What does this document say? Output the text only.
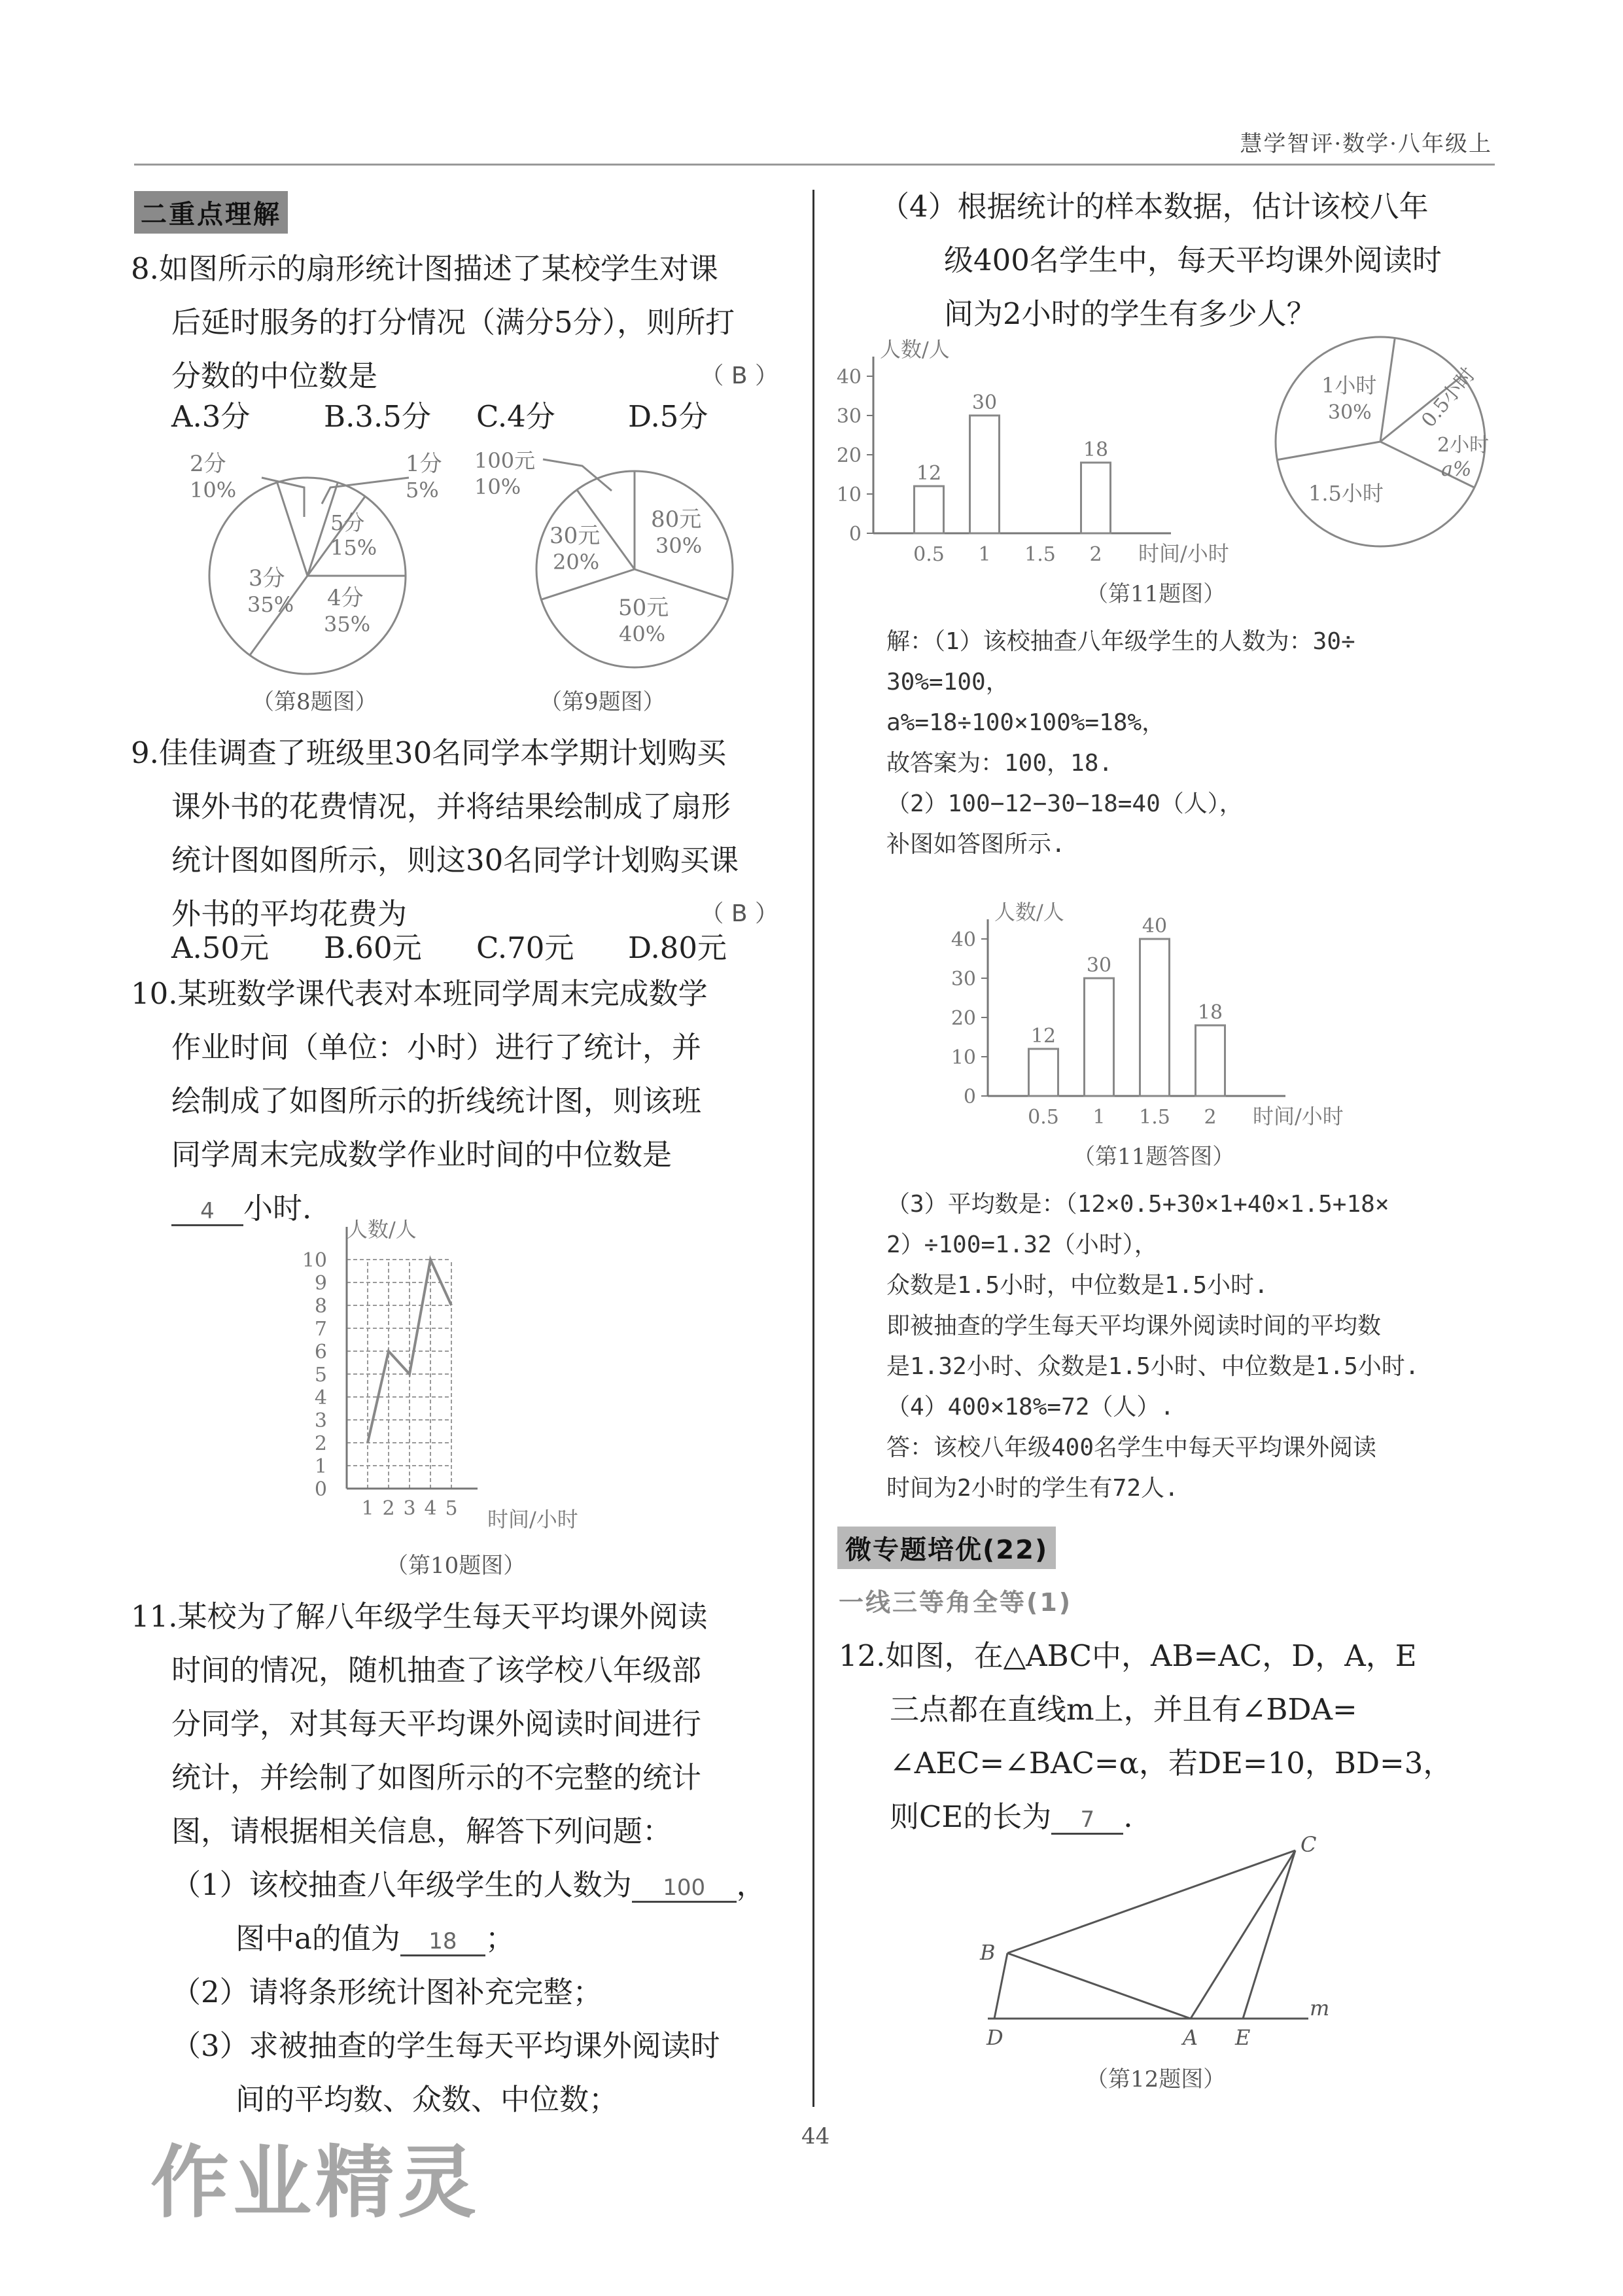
慧学智评·数学·八年级上
二重点理解
8.如图所示的扇形统计图描述了某校学生对课
后延时服务的打分情况（满分5分），则所打
分数的中位数是	（ B ）
A.3分	B.3.5分 C.4分 D.5分
2分
10%
1分
5%
5分
15%
4分
35%
3分
35%
（第8题图）
100元
10%
80元
30%
50元
40%
30元
20%
（第9题图）
9.佳佳调查了班级里30名同学本学期计划购买
课外书的花费情况，并将结果绘制成了扇形
统计图如图所示，则这30名同学计划购买课
外书的平均花费为	（ B ）
A.50元 B.60元 C.70元 D.80元
10.某班数学课代表对本班同学周末完成数学
作业时间（单位：小时）进行了统计，并
绘制成了如图所示的折线统计图，则该班
同学周末完成数学作业时间的中位数是
4 小时.
0
1
2
3
4
5
6
7
8
9
10
1 2 3 4 5
人数/人
时间/小时
（第10题图）
11.某校为了解八年级学生每天平均课外阅读
时间的情况，随机抽查了该学校八年级部
分同学，对其每天平均课外阅读时间进行
统计，并绘制了如图所示的不完整的统计
图，请根据相关信息，解答下列问题：
（1）该校抽查八年级学生的人数为 100 ，
图中a的值为 18 ；
（2）请将条形统计图补充完整；
（3）求被抽查的学生每天平均课外阅读时
间的平均数、众数、中位数；
（4）根据统计的样本数据，估计该校八年
级400名学生中，每天平均课外阅读时
间为2小时的学生有多少人？
0
10
20
30
40
人数/人
12
0.5
30
1 1.5
18
2 时间/小时
1小时
30% 0.5小时
2小时
a%
1.5小时
（第11题图）
解：（1）该校抽查八年级学生的人数为：30÷
30%=100，
a%=18÷100×100%=18%，
故答案为：100，18.
（2）100−12−30−18=40（人），
补图如答图所示.
0
10
20
30
40
人数/人
12
0.5
30
1
40
1.5
18
2 时间/小时
（第11题答图）
（3）平均数是：（12×0.5+30×1+40×1.5+18×
2）÷100=1.32（小时），
众数是1.5小时，中位数是1.5小时.
即被抽查的学生每天平均课外阅读时间的平均数
是1.32小时、众数是1.5小时、中位数是1.5小时.
（4）400×18%=72（人）.
答：该校八年级400名学生中每天平均课外阅读
时间为2小时的学生有72人.
微专题培优(22)
一线三等角全等(1)
12.如图，在△ABC中，AB=AC，D，A，E
三点都在直线m上，并且有∠BDA=
∠AEC=∠BAC=α，若DE=10，BD=3，
则CE的长为 7 .
B
C
D	A E
m
（第12题图）
44
作业精灵
